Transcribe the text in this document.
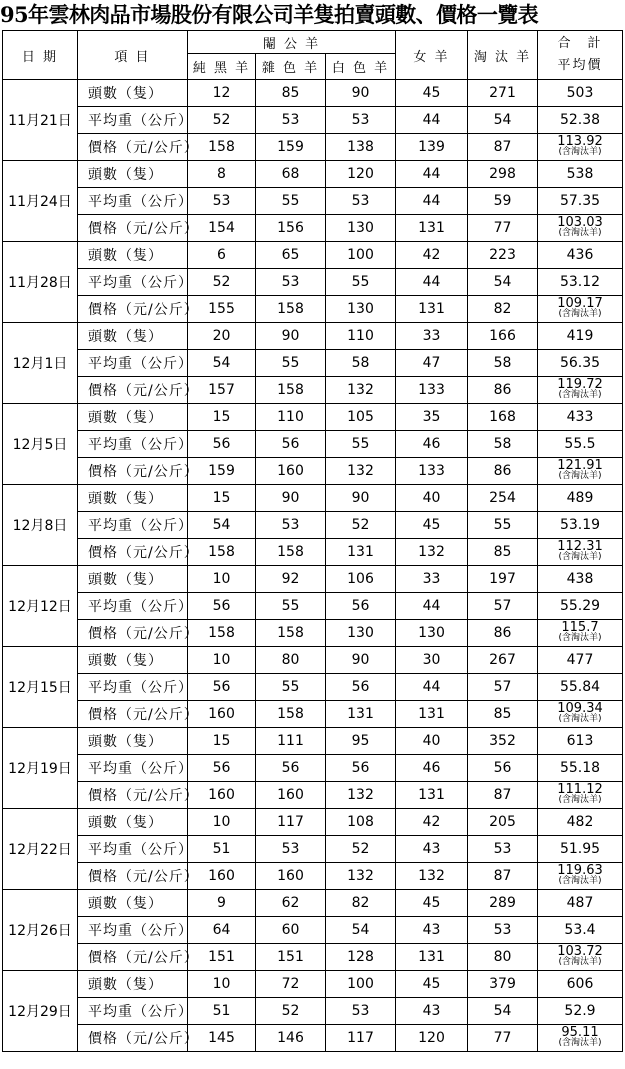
95年雲林肉品市場股份有限公司羊隻拍賣頭數、價格一覽表
日 期	項 目	閹 公 羊			女 羊	淘 汰 羊	合　計
平均價

		純 黑 羊	雜 色 羊	白 色 羊			
11月21日	頭數（隻）	12	85	90	45	271	503
	平均重（公斤）	52	53	53	44	54	52.38
	價格（元/公斤）	158	159	138	139	87	113.92
(含淘汰羊)

11月24日	頭數（隻）	8	68	120	44	298	538
	平均重（公斤）	53	55	53	44	59	57.35
	價格（元/公斤）	154	156	130	131	77	103.03
(含淘汰羊)

11月28日	頭數（隻）	6	65	100	42	223	436
	平均重（公斤）	52	53	55	44	54	53.12
	價格（元/公斤）	155	158	130	131	82	109.17
(含淘汰羊)

12月1日	頭數（隻）	20	90	110	33	166	419
	平均重（公斤）	54	55	58	47	58	56.35
	價格（元/公斤）	157	158	132	133	86	119.72
(含淘汰羊)

12月5日	頭數（隻）	15	110	105	35	168	433
	平均重（公斤）	56	56	55	46	58	55.5
	價格（元/公斤）	159	160	132	133	86	121.91
(含淘汰羊)

12月8日	頭數（隻）	15	90	90	40	254	489
	平均重（公斤）	54	53	52	45	55	53.19
	價格（元/公斤）	158	158	131	132	85	112.31
(含淘汰羊)

12月12日	頭數（隻）	10	92	106	33	197	438
	平均重（公斤）	56	55	56	44	57	55.29
	價格（元/公斤）	158	158	130	130	86	115.7
(含淘汰羊)

12月15日	頭數（隻）	10	80	90	30	267	477
	平均重（公斤）	56	55	56	44	57	55.84
	價格（元/公斤）	160	158	131	131	85	109.34
(含淘汰羊)

12月19日	頭數（隻）	15	111	95	40	352	613
	平均重（公斤）	56	56	56	46	56	55.18
	價格（元/公斤）	160	160	132	131	87	111.12
(含淘汰羊)

12月22日	頭數（隻）	10	117	108	42	205	482
	平均重（公斤）	51	53	52	43	53	51.95
	價格（元/公斤）	160	160	132	132	87	119.63
(含淘汰羊)

12月26日	頭數（隻）	9	62	82	45	289	487
	平均重（公斤）	64	60	54	43	53	53.4
	價格（元/公斤）	151	151	128	131	80	103.72
(含淘汰羊)

12月29日	頭數（隻）	10	72	100	45	379	606
	平均重（公斤）	51	52	53	43	54	52.9
	價格（元/公斤）	145	146	117	120	77	95.11
(含淘汰羊)
